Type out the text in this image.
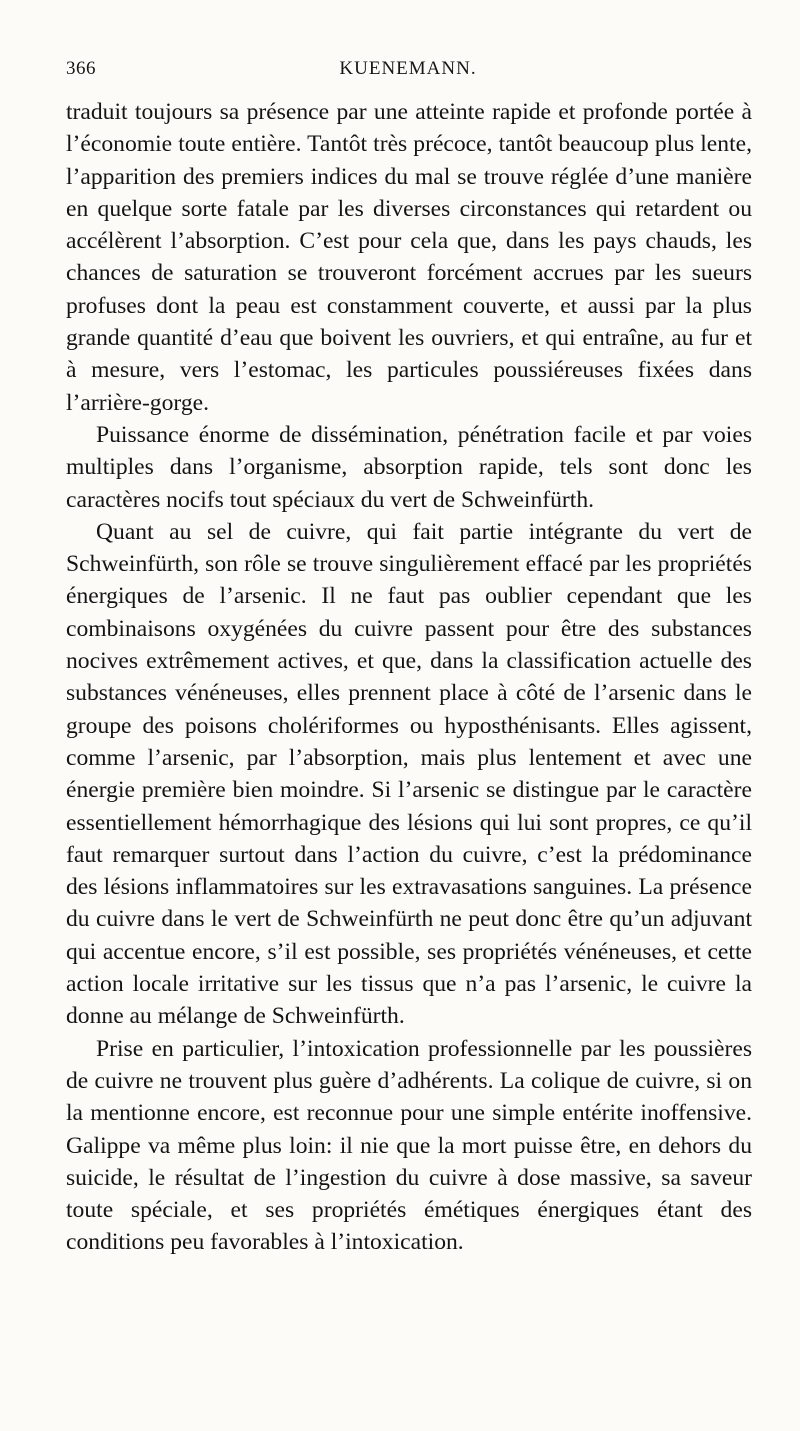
366	KUENEMANN.

traduit toujours sa présence par une atteinte rapide et profonde portée à l’économie toute entière. Tantôt très précoce, tantôt beaucoup plus lente, l’apparition des premiers indices du mal se trouve réglée d’une manière en quelque sorte fatale par les diverses circonstances qui retardent ou accélèrent l’absorption. C’est pour cela que, dans les pays chauds, les chances de saturation se trouveront forcément accrues par les sueurs profuses dont la peau est constamment couverte, et aussi par la plus grande quantité d’eau que boivent les ouvriers, et qui entraîne, au fur et à mesure, vers l’estomac, les particules poussiéreuses fixées dans l’arrière-gorge.

Puissance énorme de dissémination, pénétration facile et par voies multiples dans l’organisme, absorption rapide, tels sont donc les caractères nocifs tout spéciaux du vert de Schweinfürth.

Quant au sel de cuivre, qui fait partie intégrante du vert de Schweinfürth, son rôle se trouve singulièrement effacé par les propriétés énergiques de l’arsenic. Il ne faut pas oublier cependant que les combinaisons oxygénées du cuivre passent pour être des substances nocives extrêmement actives, et que, dans la classification actuelle des substances vénéneuses, elles prennent place à côté de l’arsenic dans le groupe des poisons cholériformes ou hyposthénisants. Elles agissent, comme l’arsenic, par l’absorption, mais plus lentement et avec une énergie première bien moindre. Si l’arsenic se distingue par le caractère essentiellement hémorrhagique des lésions qui lui sont propres, ce qu’il faut remarquer surtout dans l’action du cuivre, c’est la prédominance des lésions inflammatoires sur les extravasations sanguines. La présence du cuivre dans le vert de Schweinfürth ne peut donc être qu’un adjuvant qui accentue encore, s’il est possible, ses propriétés vénéneuses, et cette action locale irritative sur les tissus que n’a pas l’arsenic, le cuivre la donne au mélange de Schweinfürth.

Prise en particulier, l’intoxication professionnelle par les poussières de cuivre ne trouvent plus guère d’adhérents. La colique de cuivre, si on la mentionne encore, est reconnue pour une simple entérite inoffensive. Galippe va même plus loin: il nie que la mort puisse être, en dehors du suicide, le résultat de l’ingestion du cuivre à dose massive, sa saveur toute spéciale, et ses propriétés émétiques énergiques étant des conditions peu favorables à l’intoxication.
